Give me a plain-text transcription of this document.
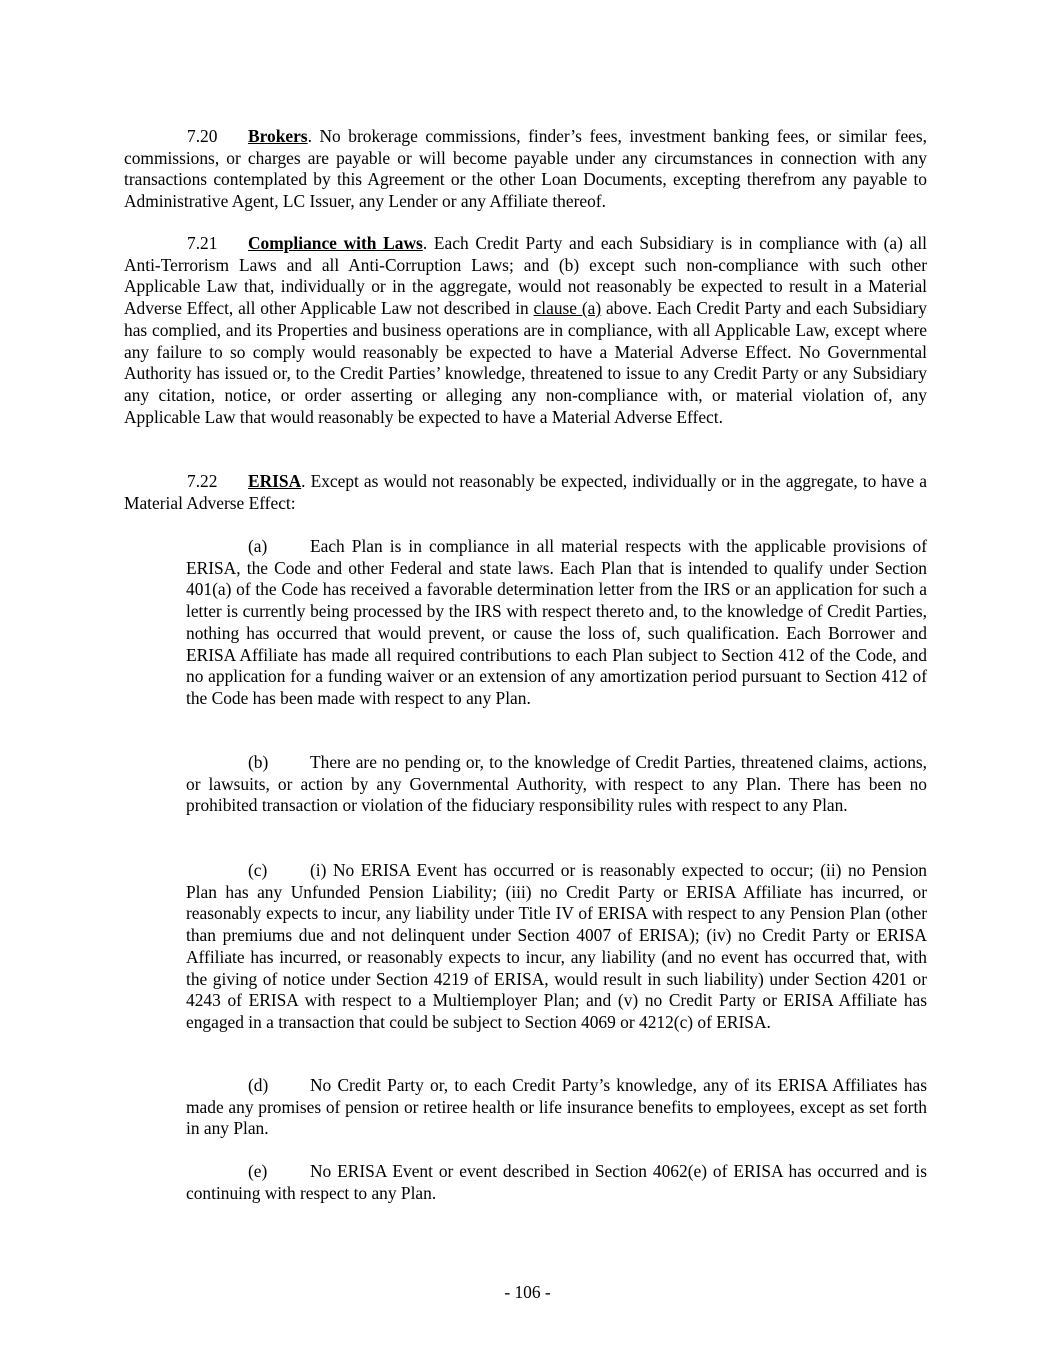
7.20 Brokers. No brokerage commissions, finder’s fees, investment banking fees, or similar fees, commissions, or charges are payable or will become payable under any circumstances in connection with any transactions contemplated by this Agreement or the other Loan Documents, excepting therefrom any payable to Administrative Agent, LC Issuer, any Lender or any Affiliate thereof.

7.21 Compliance with Laws. Each Credit Party and each Subsidiary is in compliance with (a) all Anti-Terrorism Laws and all Anti-Corruption Laws; and (b) except such non-compliance with such other Applicable Law that, individually or in the aggregate, would not reasonably be expected to result in a Material Adverse Effect, all other Applicable Law not described in clause (a) above. Each Credit Party and each Subsidiary has complied, and its Properties and business operations are in compliance, with all Applicable Law, except where any failure to so comply would reasonably be expected to have a Material Adverse Effect. No Governmental Authority has issued or, to the Credit Parties’ knowledge, threatened to issue to any Credit Party or any Subsidiary any citation, notice, or order asserting or alleging any non-compliance with, or material violation of, any Applicable Law that would reasonably be expected to have a Material Adverse Effect.

7.22 ERISA. Except as would not reasonably be expected, individually or in the aggregate, to have a Material Adverse Effect:

(a) Each Plan is in compliance in all material respects with the applicable provisions of ERISA, the Code and other Federal and state laws. Each Plan that is intended to qualify under Section 401(a) of the Code has received a favorable determination letter from the IRS or an application for such a letter is currently being processed by the IRS with respect thereto and, to the knowledge of Credit Parties, nothing has occurred that would prevent, or cause the loss of, such qualification. Each Borrower and ERISA Affiliate has made all required contributions to each Plan subject to Section 412 of the Code, and no application for a funding waiver or an extension of any amortization period pursuant to Section 412 of the Code has been made with respect to any Plan.

(b) There are no pending or, to the knowledge of Credit Parties, threatened claims, actions, or lawsuits, or action by any Governmental Authority, with respect to any Plan. There has been no prohibited transaction or violation of the fiduciary responsibility rules with respect to any Plan.

(c) (i) No ERISA Event has occurred or is reasonably expected to occur; (ii) no Pension Plan has any Unfunded Pension Liability; (iii) no Credit Party or ERISA Affiliate has incurred, or reasonably expects to incur, any liability under Title IV of ERISA with respect to any Pension Plan (other than premiums due and not delinquent under Section 4007 of ERISA); (iv) no Credit Party or ERISA Affiliate has incurred, or reasonably expects to incur, any liability (and no event has occurred that, with the giving of notice under Section 4219 of ERISA, would result in such liability) under Section 4201 or 4243 of ERISA with respect to a Multiemployer Plan; and (v) no Credit Party or ERISA Affiliate has engaged in a transaction that could be subject to Section 4069 or 4212(c) of ERISA.

(d) No Credit Party or, to each Credit Party’s knowledge, any of its ERISA Affiliates has made any promises of pension or retiree health or life insurance benefits to employees, except as set forth in any Plan.

(e) No ERISA Event or event described in Section 4062(e) of ERISA has occurred and is continuing with respect to any Plan.

- 106 -
